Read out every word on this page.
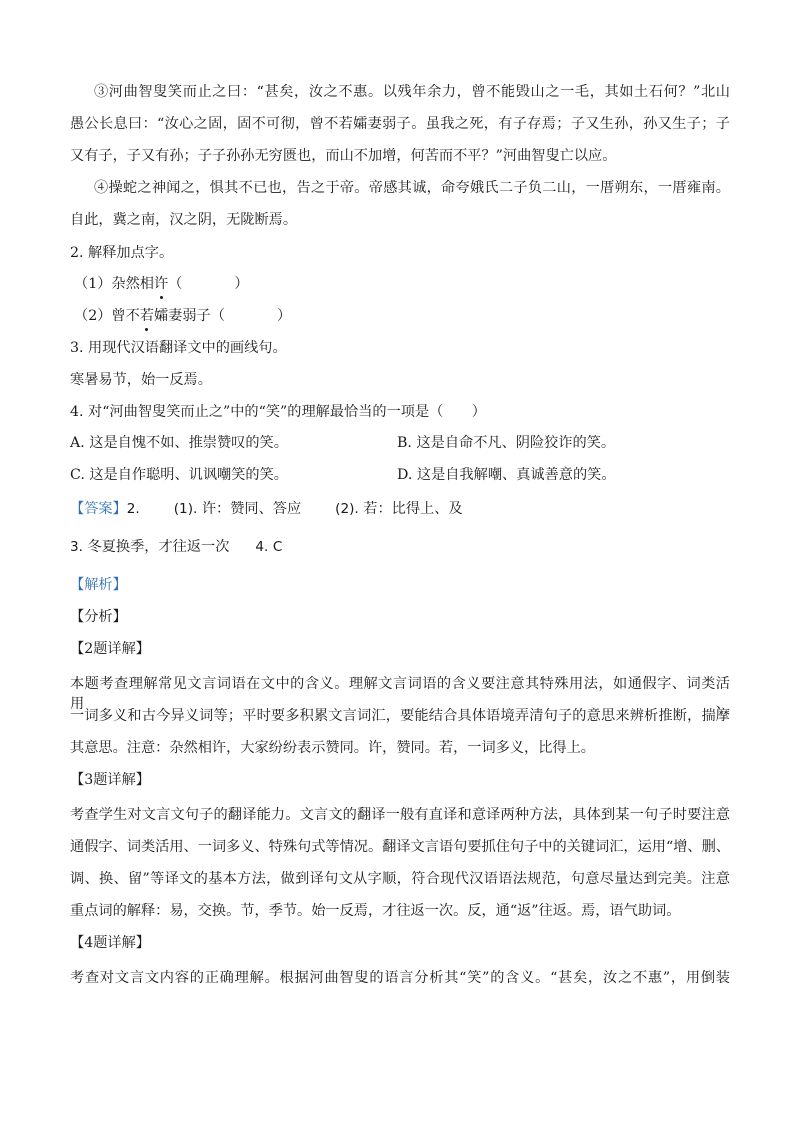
③河曲智叟笑而止之曰：“甚矣，汝之不惠。以残年余力，曾不能毁山之一毛，其如土石何？”北山
愚公长息曰：“汝心之固，固不可彻，曾不若孀妻弱子。虽我之死，有子存焉；子又生孙，孙又生子；子
又有子，子又有孙；子子孙孙无穷匮也，而山不加增，何苦而不平？”河曲智叟亡以应。
④操蛇之神闻之，惧其不已也，告之于帝。帝感其诚，命夸娥氏二子负二山，一厝朔东，一厝雍南。
自此，冀之南，汉之阴，无陇断焉。
2. 解释加点字。
（1）杂然相许（	）
（2）曾不若孀妻弱子（	）
3. 用现代汉语翻译文中的画线句。
寒暑易节，始一反焉。
4. 对“河曲智叟笑而止之”中的“笑”的理解最恰当的一项是（　　）
A. 这是自愧不如、推崇赞叹的笑。	B. 这是自命不凡、阴险狡诈的笑。
C. 这是自作聪明、讥讽嘲笑的笑。	D. 这是自我解嘲、真诚善意的笑。
【答案】2.	(1). 许：赞同、答应	(2). 若：比得上、及
3. 冬夏换季，才往返一次 4. C
【解析】
【分析】
【2题详解】
本题考查理解常见文言词语在文中的含义。理解文言词语的含义要注意其特殊用法，如通假字、词类活用、
一词多义和古今异义词等；平时要多积累文言词汇，要能结合具体语境弄清句子的意思来辨析推断，揣摩
其意思。注意：杂然相许，大家纷纷表示赞同。许，赞同。若，一词多义，比得上。
【3题详解】
考查学生对文言文句子的翻译能力。文言文的翻译一般有直译和意译两种方法，具体到某一句子时要注意
通假字、词类活用、一词多义、特殊句式等情况。翻译文言语句要抓住句子中的关键词汇，运用“增、删、
调、换、留”等译文的基本方法，做到译句文从字顺，符合现代汉语语法规范，句意尽量达到完美。注意
重点词的解释：易，交换。节，季节。始一反焉，才往返一次。反，通“返”往返。焉，语气助词。
【4题详解】
考查对文言文内容的正确理解。根据河曲智叟的语言分析其“笑”的含义。“甚矣，汝之不惠”，用倒装
